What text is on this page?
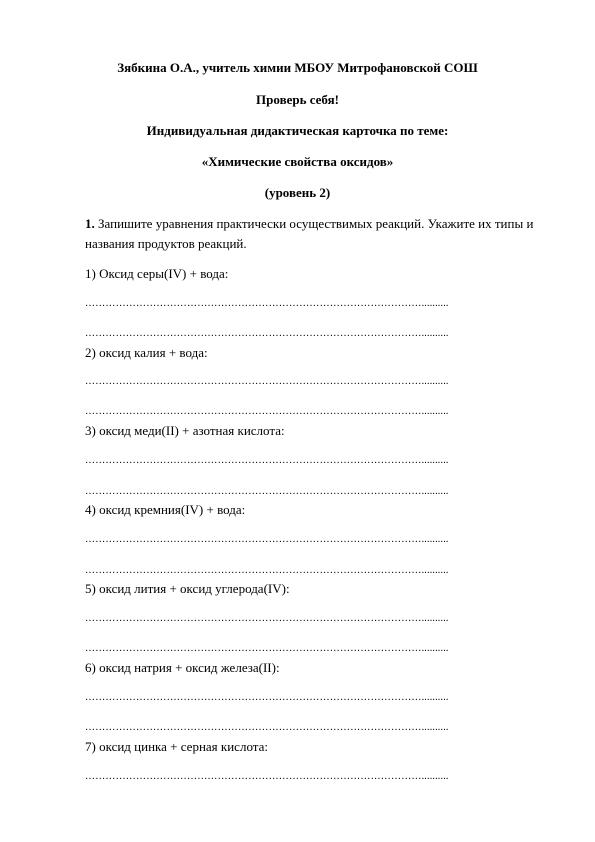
Зябкина О.А., учитель химии МБОУ Митрофановской СОШ
Проверь себя!
Индивидуальная дидактическая карточка по теме:
«Химические свойства оксидов»
(уровень 2)
1. Запишите уравнения практически осуществимых реакций. Укажите их типы и названия продуктов реакций.
1) Оксид серы(IV) + вода:
………………………………………………………………………………………..........
………………………………………………………………………………………..........
2) оксид калия + вода:
………………………………………………………………………………………..........
………………………………………………………………………………………..........
3) оксид меди(II) + азотная кислота:
………………………………………………………………………………………..........
………………………………………………………………………………………..........
4) оксид кремния(IV) + вода:
………………………………………………………………………………………..........
………………………………………………………………………………………..........
5) оксид лития + оксид углерода(IV):
………………………………………………………………………………………..........
………………………………………………………………………………………..........
6) оксид натрия + оксид железа(II):
………………………………………………………………………………………..........
………………………………………………………………………………………..........
7) оксид цинка + серная кислота:
………………………………………………………………………………………..........
